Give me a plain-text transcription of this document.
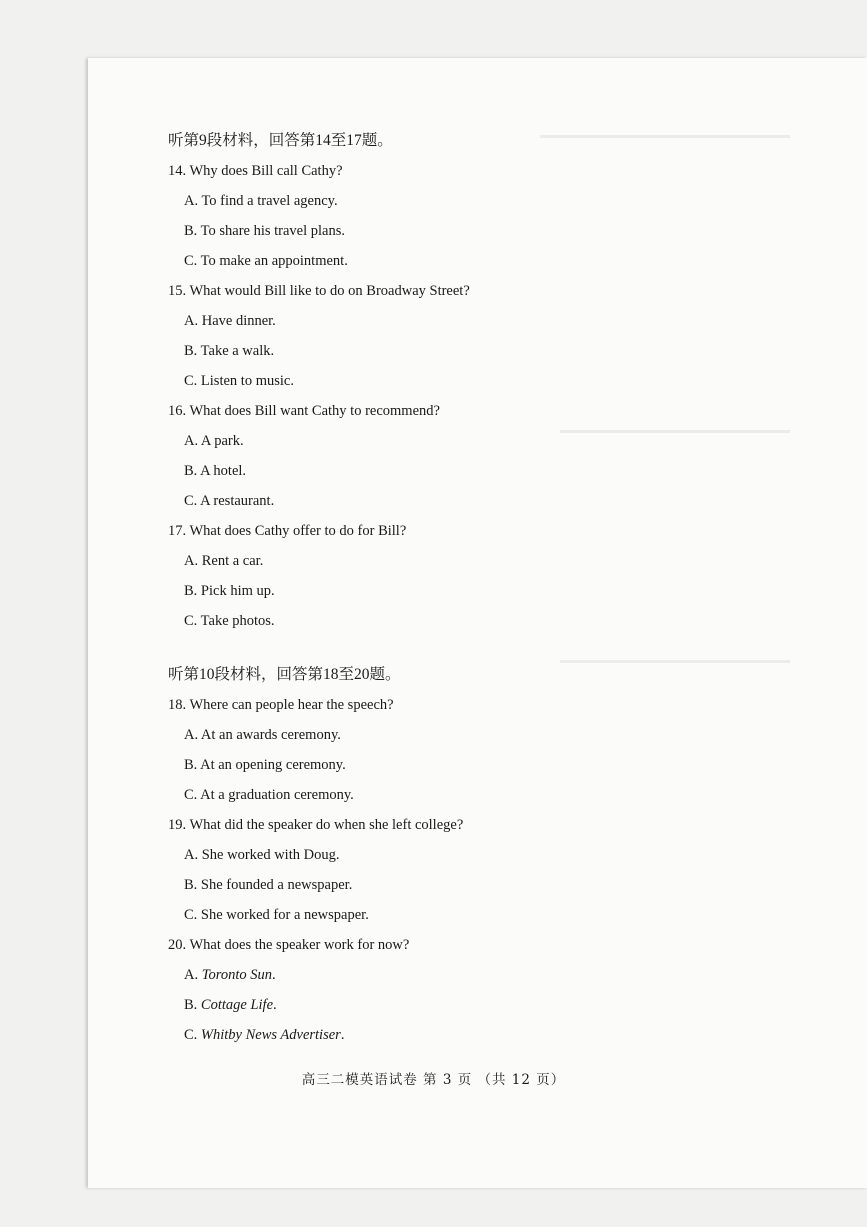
听第9段材料，回答第14至17题。
14. Why does Bill call Cathy?
A. To find a travel agency.
B. To share his travel plans.
C. To make an appointment.
15. What would Bill like to do on Broadway Street?
A. Have dinner.
B. Take a walk.
C. Listen to music.
16. What does Bill want Cathy to recommend?
A. A park.
B. A hotel.
C. A restaurant.
17. What does Cathy offer to do for Bill?
A. Rent a car.
B. Pick him up.
C. Take photos.
听第10段材料，回答第18至20题。
18. Where can people hear the speech?
A. At an awards ceremony.
B. At an opening ceremony.
C. At a graduation ceremony.
19. What did the speaker do when she left college?
A. She worked with Doug.
B. She founded a newspaper.
C. She worked for a newspaper.
20. What does the speaker work for now?
A. Toronto Sun.
B. Cottage Life.
C. Whitby News Advertiser.
高三二模英语试卷 第 3 页 （共 12 页）
